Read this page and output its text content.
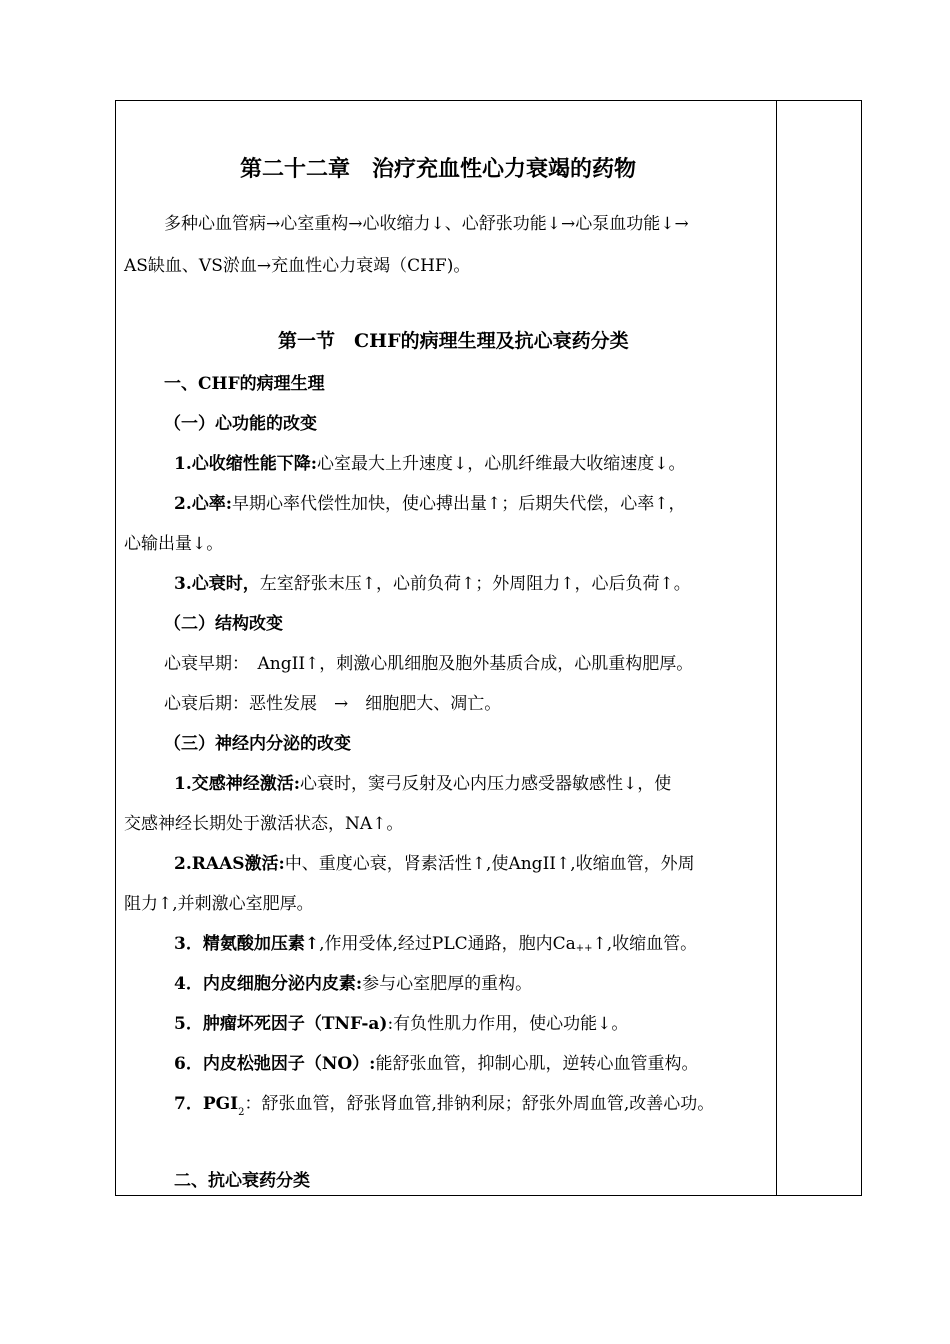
第二十二章　治疗充血性心力衰竭的药物
多种心血管病→心室重构→心收缩力↓、心舒张功能↓→心泵血功能↓→
AS缺血、VS淤血→充血性心力衰竭（CHF)。
第一节　CHF的病理生理及抗心衰药分类
一、CHF的病理生理
（一）心功能的改变
1.心收缩性能下降:心室最大上升速度↓，心肌纤维最大收缩速度↓。
2.心率:早期心率代偿性加快，使心搏出量↑；后期失代偿，心率↑，
心输出量↓。
3.心衰时，左室舒张末压↑，心前负荷↑；外周阻力↑，心后负荷↑。
（二）结构改变
心衰早期：　AngII↑，刺激心肌细胞及胞外基质合成，心肌重构肥厚。
心衰后期：恶性发展　→　细胞肥大、凋亡。
（三）神经内分泌的改变
1.交感神经激活:心衰时，窦弓反射及心内压力感受器敏感性↓，使
交感神经长期处于激活状态，NA↑。
2.RAAS激活:中、重度心衰，肾素活性↑,使AngII↑,收缩血管，外周
阻力↑,并刺激心室肥厚。
3．精氨酸加压素↑,作用受体,经过PLC通路，胞内Ca++↑,收缩血管。
4．内皮细胞分泌内皮素:参与心室肥厚的重构。
5．肿瘤坏死因子（TNF-a):有负性肌力作用，使心功能↓。
6．内皮松弛因子（NO）:能舒张血管，抑制心肌，逆转心血管重构。
7．$PGI_2$：舒张血管，舒张肾血管,排钠利尿；舒张外周血管,改善心功。
二、抗心衰药分类
